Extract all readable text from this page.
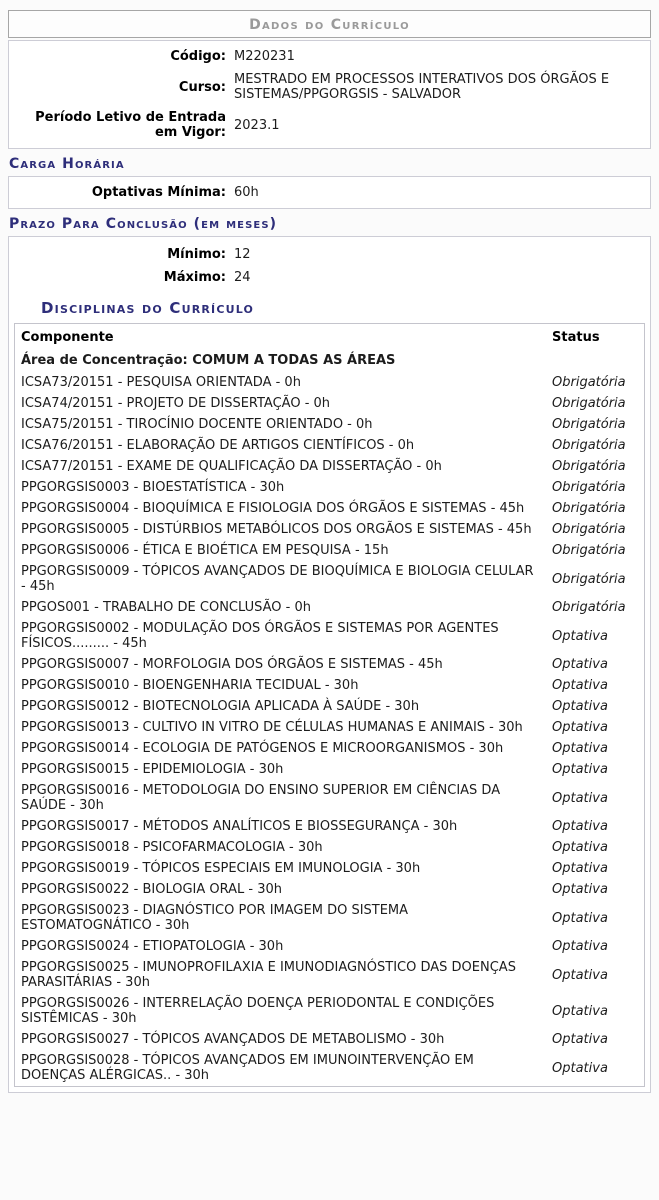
Dados do Currículo
Código:	M220231
Curso:	MESTRADO EM PROCESSOS INTERATIVOS DOS ÓRGÃOS E SISTEMAS/PPGORGSIS - SALVADOR
Período Letivo de Entrada em Vigor:	2023.1
Carga Horária
Optativas Mínima:	60h
Prazo Para Conclusão (em meses)
Mínimo:	12
Máximo:	24
Disciplinas do Currículo
Componente	Status
Área de Concentração: COMUM A TODAS AS ÁREAS	
ICSA73/20151 - PESQUISA ORIENTADA - 0h	Obrigatória
ICSA74/20151 - PROJETO DE DISSERTAÇÃO - 0h	Obrigatória
ICSA75/20151 - TIROCÍNIO DOCENTE ORIENTADO - 0h	Obrigatória
ICSA76/20151 - ELABORAÇÃO DE ARTIGOS CIENTÍFICOS - 0h	Obrigatória
ICSA77/20151 - EXAME DE QUALIFICAÇÃO DA DISSERTAÇÃO - 0h	Obrigatória
PPGORGSIS0003 - BIOESTATÍSTICA - 30h	Obrigatória
PPGORGSIS0004 - BIOQUÍMICA E FISIOLOGIA DOS ÓRGÃOS E SISTEMAS - 45h	Obrigatória
PPGORGSIS0005 - DISTÚRBIOS METABÓLICOS DOS ORGÃOS E SISTEMAS - 45h	Obrigatória
PPGORGSIS0006 - ÉTICA E BIOÉTICA EM PESQUISA - 15h	Obrigatória
PPGORGSIS0009 - TÓPICOS AVANÇADOS DE BIOQUÍMICA E BIOLOGIA CELULAR - 45h	Obrigatória
PPGOS001 - TRABALHO DE CONCLUSÃO - 0h	Obrigatória
PPGORGSIS0002 - MODULAÇÃO DOS ÓRGÃOS E SISTEMAS POR AGENTES FÍSICOS......... - 45h	Optativa
PPGORGSIS0007 - MORFOLOGIA DOS ÓRGÃOS E SISTEMAS - 45h	Optativa
PPGORGSIS0010 - BIOENGENHARIA TECIDUAL - 30h	Optativa
PPGORGSIS0012 - BIOTECNOLOGIA APLICADA À SAÚDE - 30h	Optativa
PPGORGSIS0013 - CULTIVO IN VITRO DE CÉLULAS HUMANAS E ANIMAIS - 30h	Optativa
PPGORGSIS0014 - ECOLOGIA DE PATÓGENOS E MICROORGANISMOS - 30h	Optativa
PPGORGSIS0015 - EPIDEMIOLOGIA - 30h	Optativa
PPGORGSIS0016 - METODOLOGIA DO ENSINO SUPERIOR EM CIÊNCIAS DA SAÚDE - 30h	Optativa
PPGORGSIS0017 - MÉTODOS ANALÍTICOS E BIOSSEGURANÇA - 30h	Optativa
PPGORGSIS0018 - PSICOFARMACOLOGIA - 30h	Optativa
PPGORGSIS0019 - TÓPICOS ESPECIAIS EM IMUNOLOGIA - 30h	Optativa
PPGORGSIS0022 - BIOLOGIA ORAL - 30h	Optativa
PPGORGSIS0023 - DIAGNÓSTICO POR IMAGEM DO SISTEMA ESTOMATOGNÁTICO - 30h	Optativa
PPGORGSIS0024 - ETIOPATOLOGIA - 30h	Optativa
PPGORGSIS0025 - IMUNOPROFILAXIA E IMUNODIAGNÓSTICO DAS DOENÇAS PARASITÁRIAS - 30h	Optativa
PPGORGSIS0026 - INTERRELAÇÃO DOENÇA PERIODONTAL E CONDIÇÕES SISTÊMICAS - 30h	Optativa
PPGORGSIS0027 - TÓPICOS AVANÇADOS DE METABOLISMO - 30h	Optativa
PPGORGSIS0028 - TÓPICOS AVANÇADOS EM IMUNOINTERVENÇÃO EM DOENÇAS ALÉRGICAS.. - 30h	Optativa
